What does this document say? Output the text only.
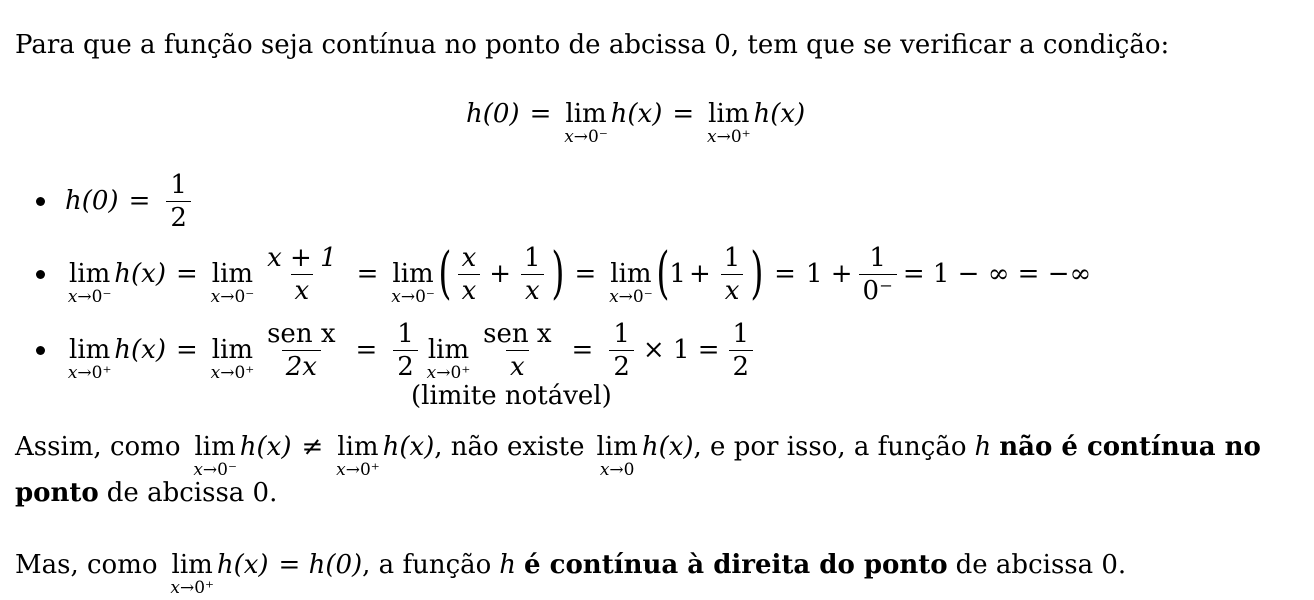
Para que a função seja contínua no ponto de abcissa 0, tem que se verificar a condição:
h(0) = lim
x→0⁻
h(x) = lim
x→0⁺
h(x)
$h(0) = \frac{1}{2}$
lim
x→0⁻
h(x) = lim
$x\to 0^- \frac{x + 1}{x} = \lim$
x→0⁻ ( $\frac{x}{x} + \frac{1}{x}$ ) = lim
x→0⁻ ( $1 + \frac{1}{x}$ ) = $1 + \frac{1}{0^-} = 1$ − ∞ = −∞
lim
x→0⁺
h(x) = lim
$x\to 0^+ \frac{\text{sen x}}{2x} = \frac{1}{2}$ lim
$x\to 0^+ \frac{\text{sen x}}{x} = \frac{1}{2} \times 1 = \frac{1}{2}$
(limite notável)
Assim, como lim
x→0⁻
h(x) ≠ lim
x→0⁺
h(x) , não existe lim
x→0
h(x) , e por isso, a função h não é contínua no
ponto de abcissa 0.
Mas, como lim
x→0⁺
h(x) = h(0) , a função h é contínua à direita do ponto de abcissa 0.
